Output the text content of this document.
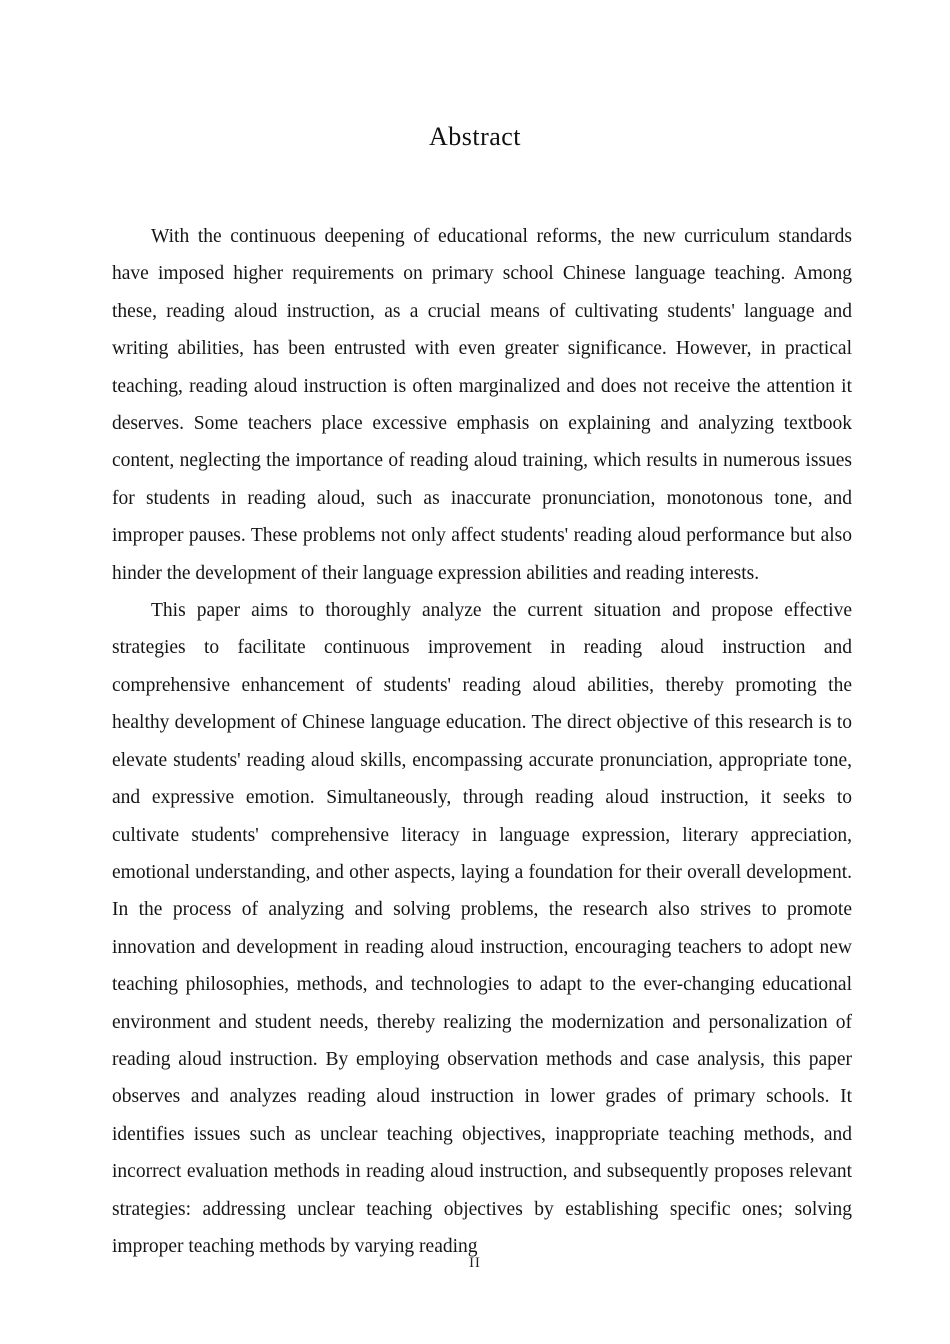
Abstract

With the continuous deepening of educational reforms, the new curriculum standards have imposed higher requirements on primary school Chinese language teaching. Among these, reading aloud instruction, as a crucial means of cultivating students' language and writing abilities, has been entrusted with even greater significance. However, in practical teaching, reading aloud instruction is often marginalized and does not receive the attention it deserves. Some teachers place excessive emphasis on explaining and analyzing textbook content, neglecting the importance of reading aloud training, which results in numerous issues for students in reading aloud, such as inaccurate pronunciation, monotonous tone, and improper pauses. These problems not only affect students' reading aloud performance but also hinder the development of their language expression abilities and reading interests.

This paper aims to thoroughly analyze the current situation and propose effective strategies to facilitate continuous improvement in reading aloud instruction and comprehensive enhancement of students' reading aloud abilities, thereby promoting the healthy development of Chinese language education. The direct objective of this research is to elevate students' reading aloud skills, encompassing accurate pronunciation, appropriate tone, and expressive emotion. Simultaneously, through reading aloud instruction, it seeks to cultivate students' comprehensive literacy in language expression, literary appreciation, emotional understanding, and other aspects, laying a foundation for their overall development. In the process of analyzing and solving problems, the research also strives to promote innovation and development in reading aloud instruction, encouraging teachers to adopt new teaching philosophies, methods, and technologies to adapt to the ever-changing educational environment and student needs, thereby realizing the modernization and personalization of reading aloud instruction. By employing observation methods and case analysis, this paper observes and analyzes reading aloud instruction in lower grades of primary schools. It identifies issues such as unclear teaching objectives, inappropriate teaching methods, and incorrect evaluation methods in reading aloud instruction, and subsequently proposes relevant strategies: addressing unclear teaching objectives by establishing specific ones; solving improper teaching methods by varying reading

II
